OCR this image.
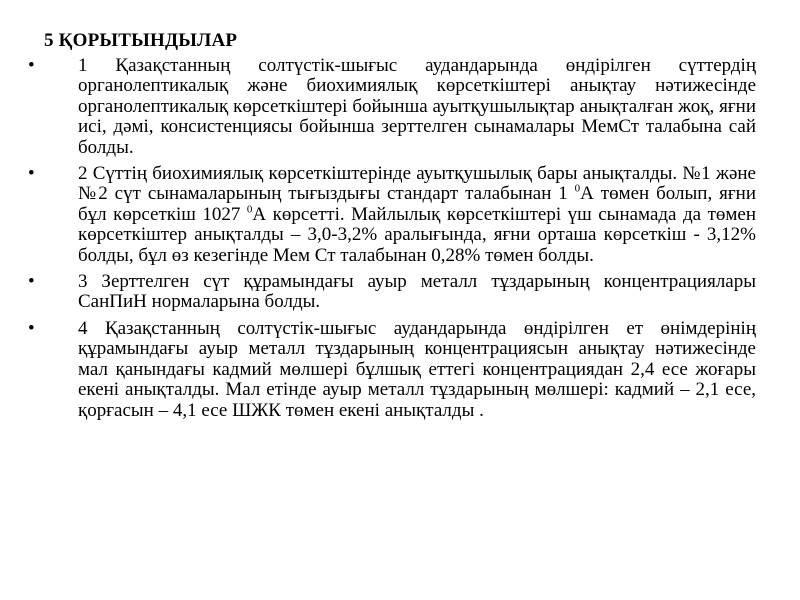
5 ҚОРЫТЫНДЫЛАР
• 1 Қазақстанның солтүстік-шығыс аудандарында өндірілген сүттердің органолептикалық және биохимиялық көрсеткіштері анықтау нәтижесінде органолептикалық көрсеткіштері бойынша ауытқушылықтар анықталған жоқ, яғни исі, дәмі, консистенциясы бойынша зерттелген сынамалары МемСт талабына сай болды.
• 2 Сүттің биохимиялық көрсеткіштерінде ауытқушылық бары анықталды. №1 және №2 сүт сынамаларының тығыздығы стандарт талабынан 1 $^0$А төмен болып, яғни бұл көрсеткіш 1027 $^0$А көрсетті. Майлылық көрсеткіштері үш сынамада да төмен көрсеткіштер анықталды – 3,0-3,2% аралығында, яғни орташа көрсеткіш - 3,12% болды, бұл өз кезегінде Мем Ст талабынан 0,28% төмен болды.
• 3 Зерттелген сүт құрамындағы ауыр металл тұздарының концентрациялары СанПиН нормаларына болды.
• 4 Қазақстанның солтүстік-шығыс аудандарында өндірілген ет өнімдерінің құрамындағы ауыр металл тұздарының концентрациясын анықтау нәтижесінде мал қанындағы кадмий мөлшері бұлшық еттегі концентрациядан 2,4 есе жоғары екені анықталды. Мал етінде ауыр металл тұздарының мөлшері: кадмий – 2,1 есе, қорғасын – 4,1 есе ШЖК төмен екені анықталды .
